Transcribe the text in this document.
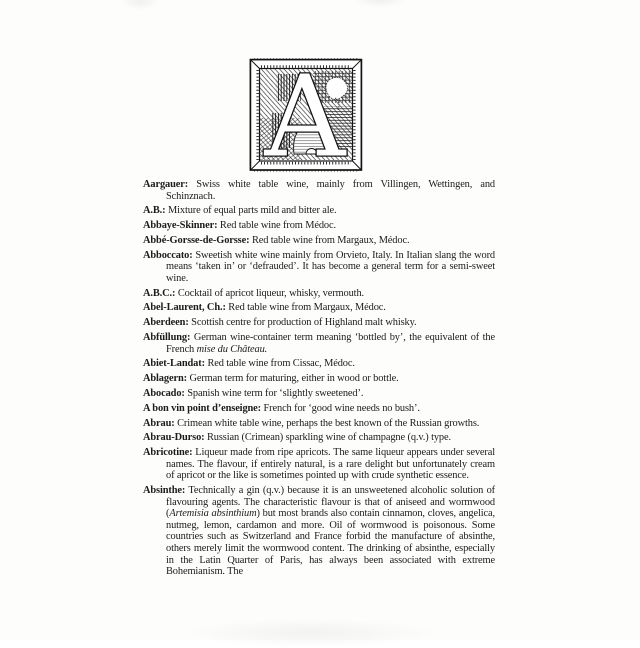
A

Aargauer: Swiss white table wine, mainly from Villingen, Wettingen, and Schinznach.

A.B.: Mixture of equal parts mild and bitter ale.

Abbaye-Skinner: Red table wine from Médoc.

Abbé-Gorsse-de-Gorsse: Red table wine from Margaux, Médoc.

Abboccato: Sweetish white wine mainly from Orvieto, Italy. In Italian slang the word means ‘taken in’ or ‘defrauded’. It has become a general term for a semi-sweet wine.

A.B.C.: Cocktail of apricot liqueur, whisky, vermouth.

Abel-Laurent, Ch.: Red table wine from Margaux, Médoc.

Aberdeen: Scottish centre for production of Highland malt whisky.

Abfüllung: German wine-container term meaning ‘bottled by’, the equivalent of the French mise du Château.

Abiet-Landat: Red table wine from Cissac, Médoc.

Ablagern: German term for maturing, either in wood or bottle.

Abocado: Spanish wine term for ‘slightly sweetened’.

A bon vin point d’enseigne: French for ‘good wine needs no bush’.

Abrau: Crimean white table wine, perhaps the best known of the Russian growths.

Abrau-Durso: Russian (Crimean) sparkling wine of champagne (q.v.) type.

Abricotine: Liqueur made from ripe apricots. The same liqueur appears under several names. The flavour, if entirely natural, is a rare delight but unfortunately cream of apricot or the like is sometimes pointed up with crude synthetic essence.

Absinthe: Technically a gin (q.v.) because it is an unsweetened alcoholic solution of flavouring agents. The characteristic flavour is that of aniseed and wormwood (Artemisia absinthium) but most brands also contain cinnamon, cloves, angelica, nutmeg, lemon, cardamon and more. Oil of wormwood is poisonous. Some countries such as Switzerland and France forbid the manufacture of absinthe, others merely limit the wormwood content. The drinking of absinthe, especially in the Latin Quarter of Paris, has always been associated with extreme Bohemianism. The
